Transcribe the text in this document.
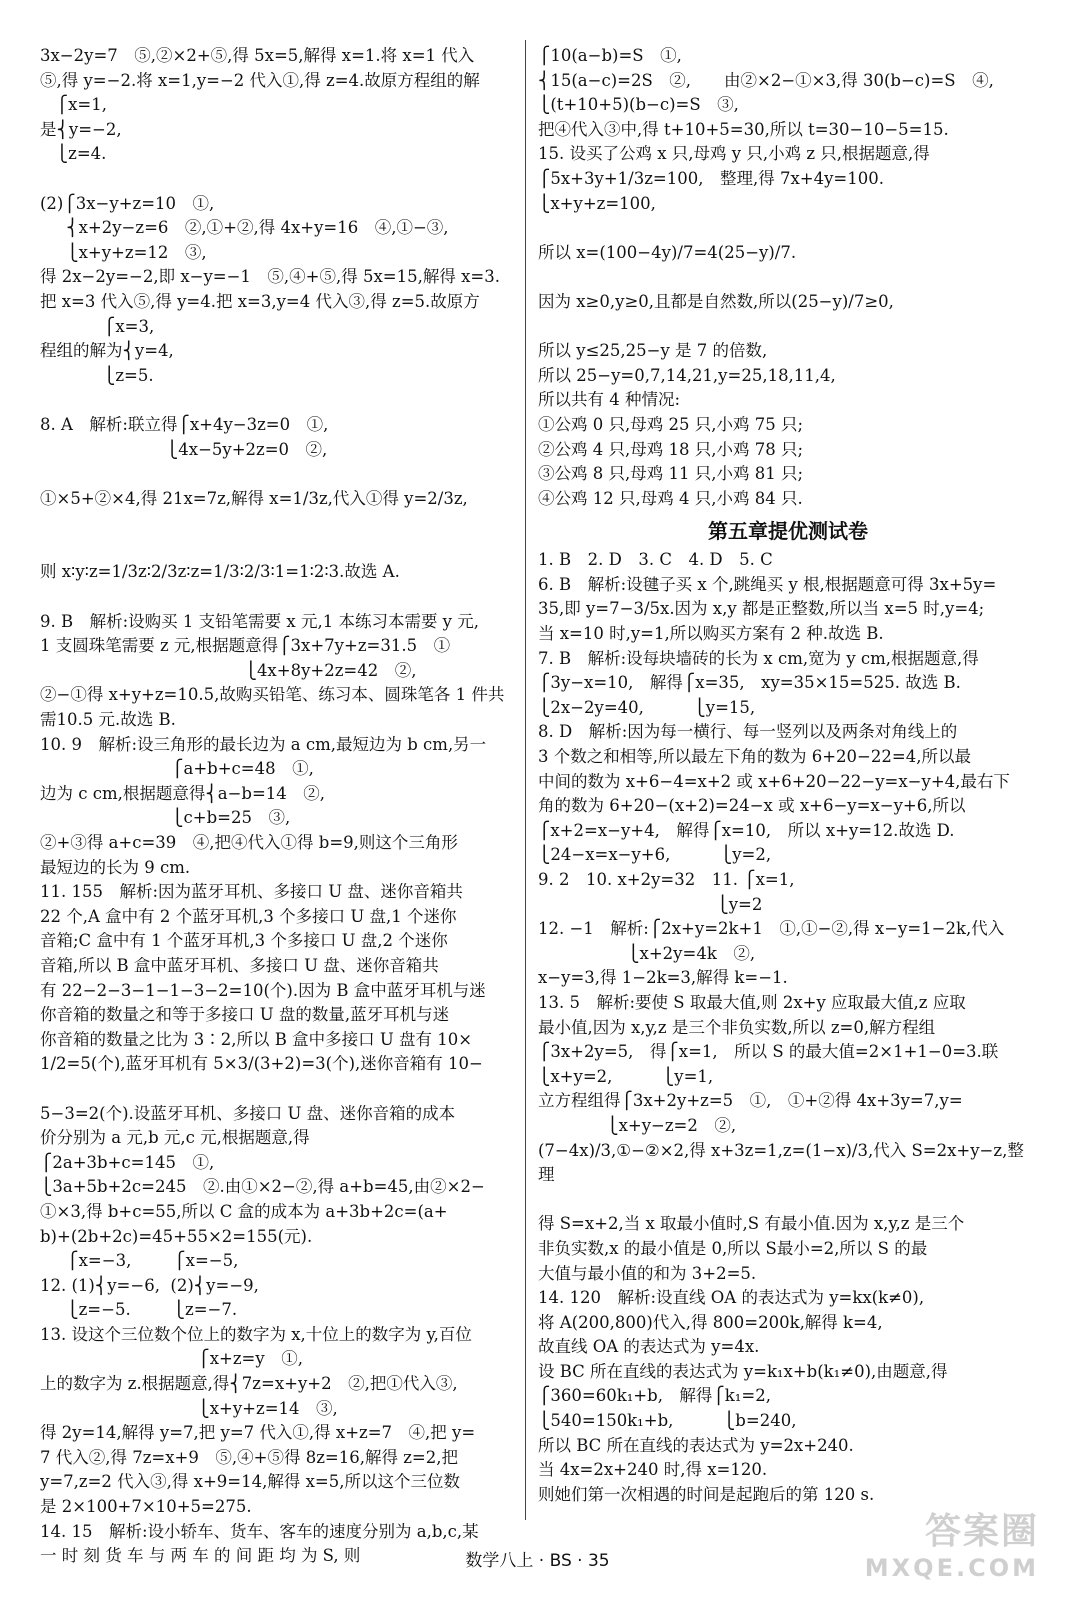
3x−2y=7　⑤,②×2+⑤,得 5x=5,解得 x=1.将 x=1 代入
⑤,得 y=−2.将 x=1,y=−2 代入①,得 z=4.故原方程组的解
⎧x=1,
是⎨y=−2,
⎩z=4.

(2)⎧3x−y+z=10　①,
⎨x+2y−z=6　②,①+②,得 4x+y=16　④,①−③,
⎩x+y+z=12　③,
得 2x−2y=−2,即 x−y=−1　⑤,④+⑤,得 5x=15,解得 x=3.
把 x=3 代入⑤,得 y=4.把 x=3,y=4 代入③,得 z=5.故原方
⎧x=3,
程组的解为⎨y=4,
⎩z=5.

8. A　解析:联立得⎧x+4y−3z=0　①,
⎩4x−5y+2z=0　②,

①×5+②×4,得 21x=7z,解得 x=1/3z,代入①得 y=2/3z,

则 x∶y∶z=1/3z∶2/3z∶z=1/3∶2/3∶1=1∶2∶3.故选 A.

9. B　解析:设购买 1 支铅笔需要 x 元,1 本练习本需要 y 元,
1 支圆珠笔需要 z 元,根据题意得⎧3x+7y+z=31.5　①
⎩4x+8y+2z=42　②,
②−①得 x+y+z=10.5,故购买铅笔、练习本、圆珠笔各 1 件共
需10.5 元.故选 B.
10. 9　解析:设三角形的最长边为 a cm,最短边为 b cm,另一
⎧a+b+c=48　①,
边为 c cm,根据题意得⎨a−b=14　②,
⎩c+b=25　③,
②+③得 a+c=39　④,把④代入①得 b=9,则这个三角形
最短边的长为 9 cm.
11. 155　解析:因为蓝牙耳机、多接口 U 盘、迷你音箱共
22 个,A 盒中有 2 个蓝牙耳机,3 个多接口 U 盘,1 个迷你
音箱;C 盒中有 1 个蓝牙耳机,3 个多接口 U 盘,2 个迷你
音箱,所以 B 盒中蓝牙耳机、多接口 U 盘、迷你音箱共
有 22−2−3−1−1−3−2=10(个).因为 B 盒中蓝牙耳机与迷
你音箱的数量之和等于多接口 U 盘的数量,蓝牙耳机与迷
你音箱的数量之比为 3∶2,所以 B 盒中多接口 U 盘有 10×
1/2=5(个),蓝牙耳机有 5×3/(3+2)=3(个),迷你音箱有 10−

5−3=2(个).设蓝牙耳机、多接口 U 盘、迷你音箱的成本
价分别为 a 元,b 元,c 元,根据题意,得
⎧2a+3b+c=145　①,
⎩3a+5b+2c=245　②.由①×2−②,得 a+b=45,由②×2−
①×3,得 b+c=55,所以 C 盒的成本为 a+3b+2c=(a+
b)+(2b+2c)=45+55×2=155(元).
⎧x=−3,        ⎧x=−5,
12. (1)⎨y=−6,  (2)⎨y=−9,
⎩z=−5.        ⎩z=−7.
13. 设这个三位数个位上的数字为 x,十位上的数字为 y,百位
⎧x+z=y　①,
上的数字为 z.根据题意,得⎨7z=x+y+2　②,把①代入③,
⎩x+y+z=14　③,
得 2y=14,解得 y=7,把 y=7 代入①,得 x+z=7　④,把 y=
7 代入②,得 7z=x+9　⑤,④+⑤得 8z=16,解得 z=2,把
y=7,z=2 代入③,得 x+9=14,解得 x=5,所以这个三位数
是 2×100+7×10+5=275.
14. 15　解析:设小轿车、货车、客车的速度分别为 a,b,c,某
一 时 刻 货 车 与 两 车 的 间 距 均 为 S, 则
⎧10(a−b)=S　①,
⎨15(a−c)=2S　②,　　由②×2−①×3,得 30(b−c)=S　④,
⎩(t+10+5)(b−c)=S　③,
把④代入③中,得 t+10+5=30,所以 t=30−10−5=15.
15. 设买了公鸡 x 只,母鸡 y 只,小鸡 z 只,根据题意,得
⎧5x+3y+1/3z=100,　整理,得 7x+4y=100.
⎩x+y+z=100,

所以 x=(100−4y)/7=4(25−y)/7.

因为 x≥0,y≥0,且都是自然数,所以(25−y)/7≥0,

所以 y≤25,25−y 是 7 的倍数,
所以 25−y=0,7,14,21,y=25,18,11,4,
所以共有 4 种情况:
①公鸡 0 只,母鸡 25 只,小鸡 75 只;
②公鸡 4 只,母鸡 18 只,小鸡 78 只;
③公鸡 8 只,母鸡 11 只,小鸡 81 只;
④公鸡 12 只,母鸡 4 只,小鸡 84 只.
第五章提优测试卷
1. B　2. D　3. C　4. D　5. C
6. B　解析:设毽子买 x 个,跳绳买 y 根,根据题意可得 3x+5y=
35,即 y=7−3/5x.因为 x,y 都是正整数,所以当 x=5 时,y=4;
当 x=10 时,y=1,所以购买方案有 2 种.故选 B.
7. B　解析:设每块墙砖的长为 x cm,宽为 y cm,根据题意,得
⎧3y−x=10,　解得⎧x=35,　xy=35×15=525. 故选 B.
⎩2x−2y=40,　　　⎩y=15,
8. D　解析:因为每一横行、每一竖列以及两条对角线上的
3 个数之和相等,所以最左下角的数为 6+20−22=4,所以最
中间的数为 x+6−4=x+2 或 x+6+20−22−y=x−y+4,最右下
角的数为 6+20−(x+2)=24−x 或 x+6−y=x−y+6,所以
⎧x+2=x−y+4,　解得⎧x=10,　所以 x+y=12.故选 D.
⎩24−x=x−y+6,　　　⎩y=2,
9. 2　10. x+2y=32　11. ⎧x=1,
⎩y=2
12. −1　解析:⎧2x+y=2k+1　①,①−②,得 x−y=1−2k,代入
⎩x+2y=4k　②,
x−y=3,得 1−2k=3,解得 k=−1.
13. 5　解析:要使 S 取最大值,则 2x+y 应取最大值,z 应取
最小值,因为 x,y,z 是三个非负实数,所以 z=0,解方程组
⎧3x+2y=5,　得⎧x=1,　所以 S 的最大值=2×1+1−0=3.联
⎩x+y=2,　　　⎩y=1,
立方程组得⎧3x+2y+z=5　①,　①+②得 4x+3y=7,y=
⎩x+y−z=2　②,
(7−4x)/3,①−②×2,得 x+3z=1,z=(1−x)/3,代入 S=2x+y−z,整理

得 S=x+2,当 x 取最小值时,S 有最小值.因为 x,y,z 是三个
非负实数,x 的最小值是 0,所以 S最小=2,所以 S 的最
大值与最小值的和为 3+2=5.
14. 120　解析:设直线 OA 的表达式为 y=kx(k≠0),
将 A(200,800)代入,得 800=200k,解得 k=4,
故直线 OA 的表达式为 y=4x.
设 BC 所在直线的表达式为 y=k₁x+b(k₁≠0),由题意,得
⎧360=60k₁+b,　解得⎧k₁=2,
⎩540=150k₁+b,　　　⎩b=240,
所以 BC 所在直线的表达式为 y=2x+240.
当 4x=2x+240 时,得 x=120.
则她们第一次相遇的时间是起跑后的第 120 s.
数学八上 · BS · 35
答案圈
MXQE.COM
